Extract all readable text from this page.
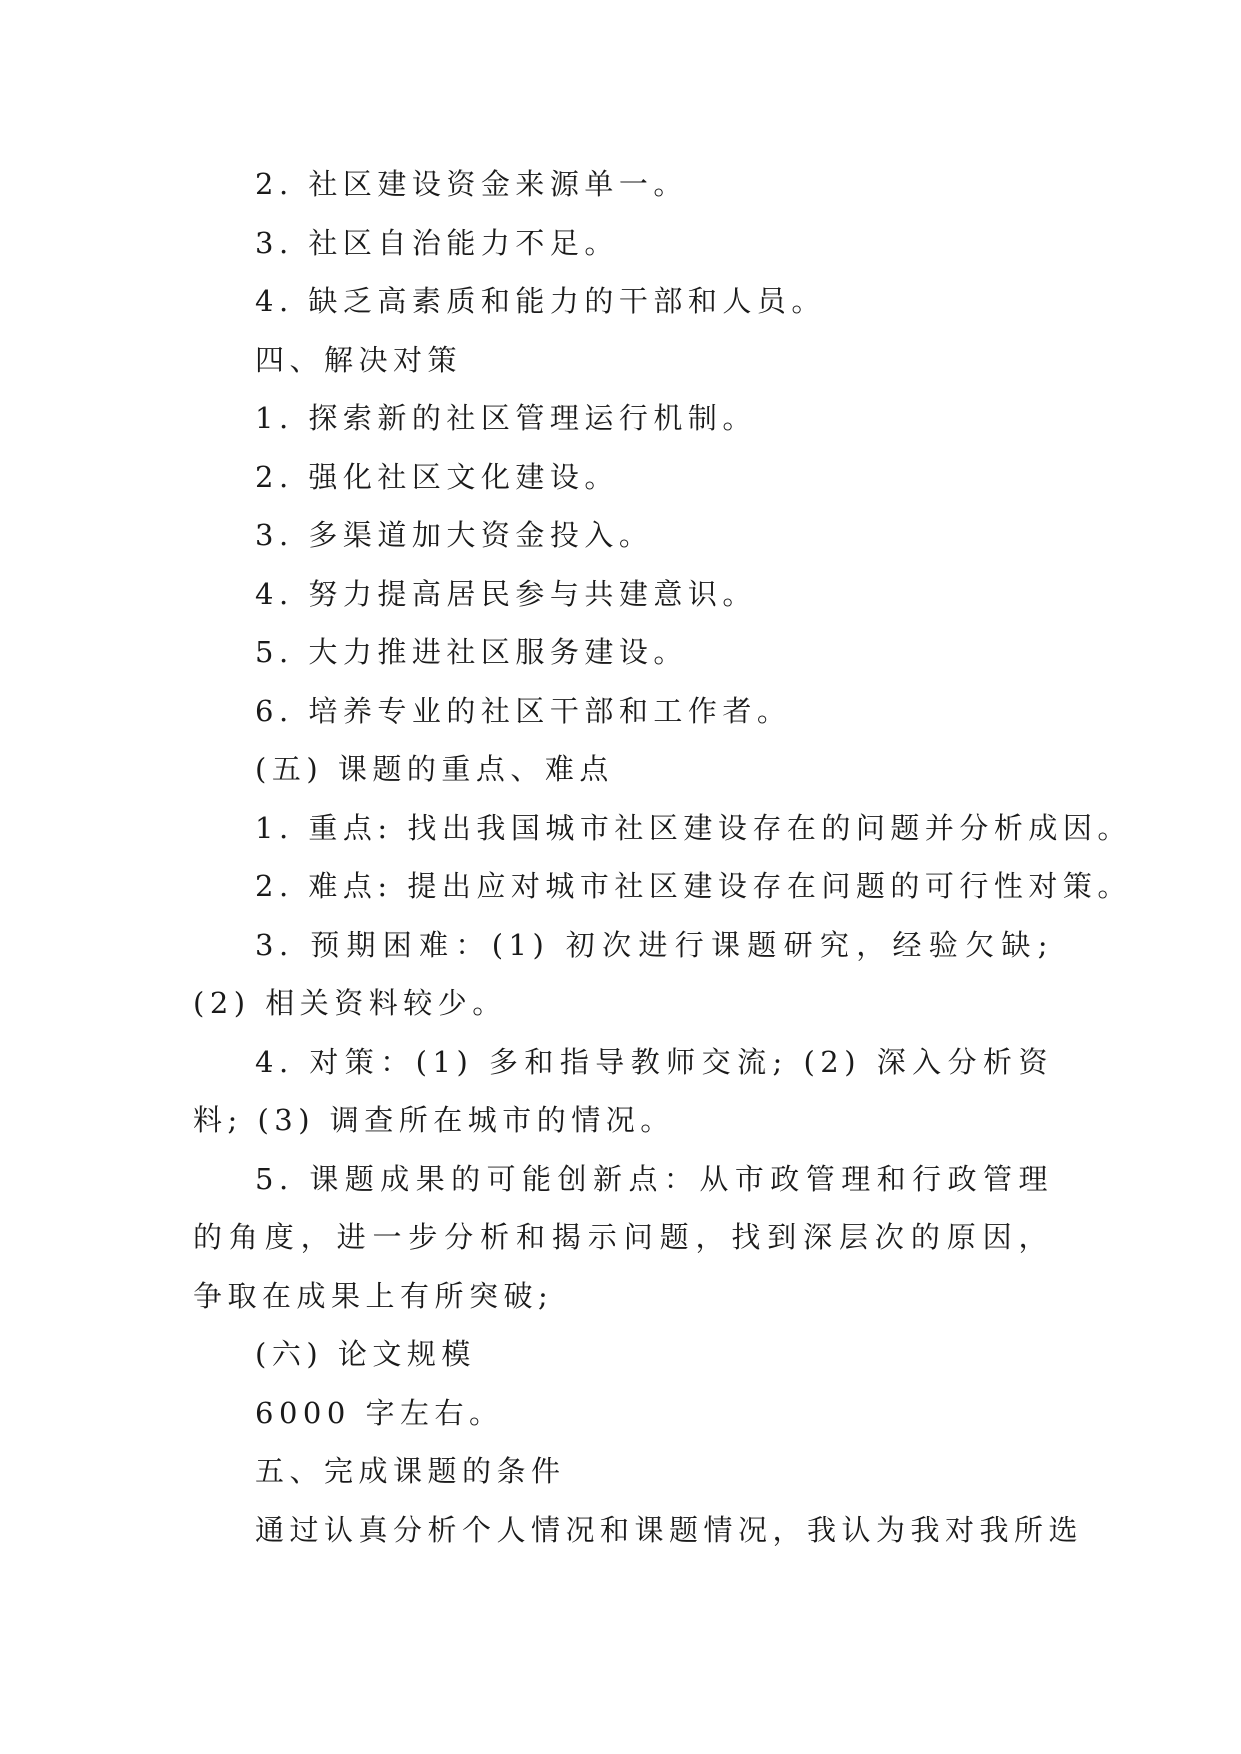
2. 社区建设资金来源单一。

3. 社区自治能力不足。

4. 缺乏高素质和能力的干部和人员。

四、解决对策

1. 探索新的社区管理运行机制。

2. 强化社区文化建设。

3. 多渠道加大资金投入。

4. 努力提高居民参与共建意识。

5. 大力推进社区服务建设。

6. 培养专业的社区干部和工作者。

(五) 课题的重点、难点

1. 重点: 找出我国城市社区建设存在的问题并分析成因。

2. 难点: 提出应对城市社区建设存在问题的可行性对策。

3. 预期困难：(1) 初次进行课题研究，经验欠缺; (2) 相关资料较少。

4. 对策：(1) 多和指导教师交流; (2) 深入分析资料; (3) 调查所在城市的情况。

5. 课题成果的可能创新点：从市政管理和行政管理的角度，进一步分析和揭示问题，找到深层次的原因，争取在成果上有所突破;

(六) 论文规模

6000 字左右。

五、完成课题的条件

通过认真分析个人情况和课题情况，我认为我对我所选
